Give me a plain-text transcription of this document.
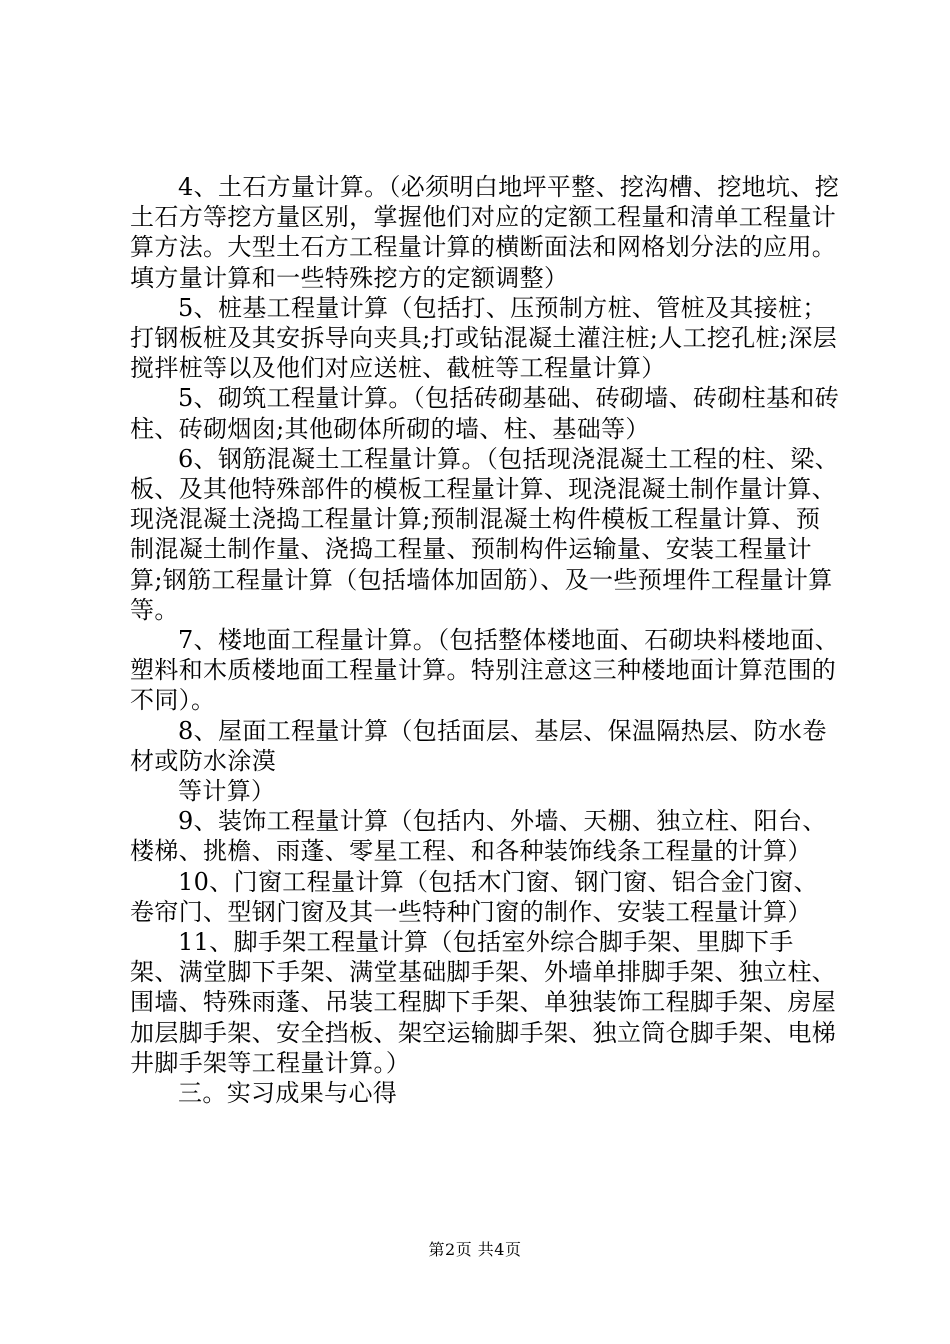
4、土石方量计算。（必须明白地坪平整、挖沟槽、挖地坑、挖土石方等挖方量区别，掌握他们对应的定额工程量和清单工程量计算方法。大型土石方工程量计算的横断面法和网格划分法的应用。填方量计算和一些特殊挖方的定额调整）

5、桩基工程量计算（包括打、压预制方桩、管桩及其接桩；打钢板桩及其安拆导向夹具;打或钻混凝土灌注桩;人工挖孔桩;深层搅拌桩等以及他们对应送桩、截桩等工程量计算）

5、砌筑工程量计算。（包括砖砌基础、砖砌墙、砖砌柱基和砖柱、砖砌烟囱;其他砌体所砌的墙、柱、基础等）

6、钢筋混凝土工程量计算。（包括现浇混凝土工程的柱、梁、板、及其他特殊部件的模板工程量计算、现浇混凝土制作量计算、现浇混凝土浇捣工程量计算;预制混凝土构件模板工程量计算、预制混凝土制作量、浇捣工程量、预制构件运输量、安装工程量计算;钢筋工程量计算（包括墙体加固筋）、及一些预埋件工程量计算等。

7、楼地面工程量计算。（包括整体楼地面、石砌块料楼地面、塑料和木质楼地面工程量计算。特别注意这三种楼地面计算范围的不同）。

8、屋面工程量计算（包括面层、基层、保温隔热层、防水卷材或防水涂漠

等计算）

9、装饰工程量计算（包括内、外墙、天棚、独立柱、阳台、楼梯、挑檐、雨蓬、零星工程、和各种装饰线条工程量的计算）

10、门窗工程量计算（包括木门窗、钢门窗、铝合金门窗、卷帘门、型钢门窗及其一些特种门窗的制作、安装工程量计算）

11、脚手架工程量计算（包括室外综合脚手架、里脚下手架、满堂脚下手架、满堂基础脚手架、外墙单排脚手架、独立柱、围墙、特殊雨蓬、吊装工程脚下手架、单独装饰工程脚手架、房屋加层脚手架、安全挡板、架空运输脚手架、独立筒仓脚手架、电梯井脚手架等工程量计算。）

三。实习成果与心得

第2页 共4页
